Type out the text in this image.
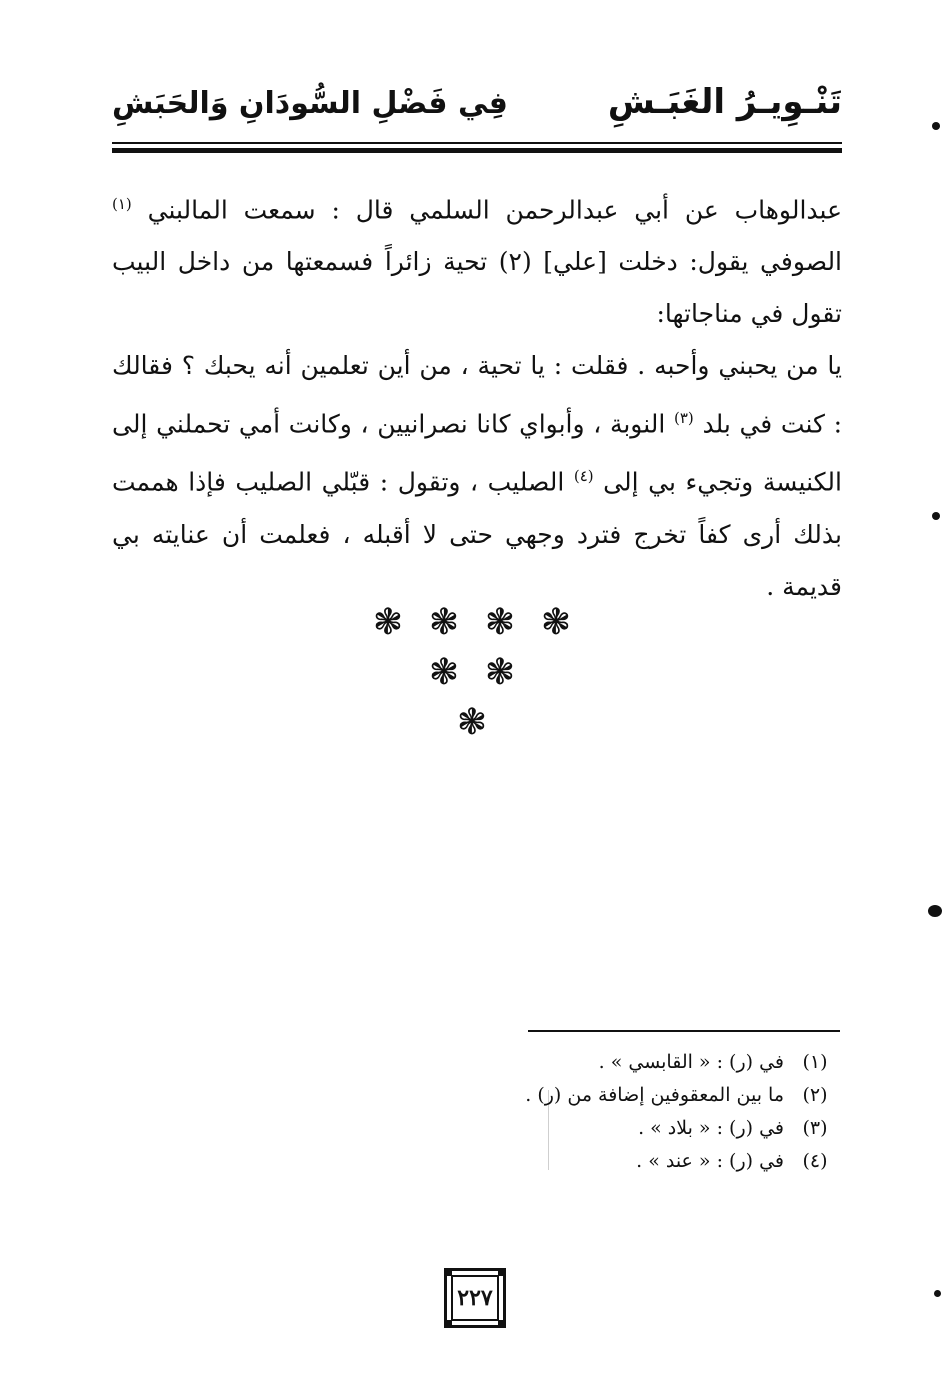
تَنْـوِيـرُ الغَبَـشِ
فِي فَضْلِ السُّودَانِ وَالحَبَشِ

عبدالوهاب عن أبي عبدالرحمن السلمي قال : سمعت المالبني $^{(١)}$ الصوفي يقول: دخلت [علي] (٢) تحية زائراً فسمعتها من داخل البيب تقول في مناجاتها:

يا من يحبني وأحبه . فقلت : يا تحية ، من أين تعلمين أنه يحبك ؟ فقالك : كنت في بلد $^{(٣)}$ النوبة ، وأبواي كانا نصرانيين ، وكانت أمي تحملني إلى الكنيسة وتجيء بي إلى $^{(٤)}$ الصليب ، وتقول : قبّلي الصليب فإذا هممت بذلك أرى كفاً تخرج فترد وجهي حتى لا أقبله ، فعلمت أن عنايته بي قديمة .

❃ ❃ ❃ ❃
❃ ❃
❃
(١)
في (ر) : « القابسي » .
(٢)
ما بين المعقوفين إضافة من (ر) .
(٣)
في (ر) : « بلاد » .
(٤)
في (ر) : « عند » .
٢٢٧
